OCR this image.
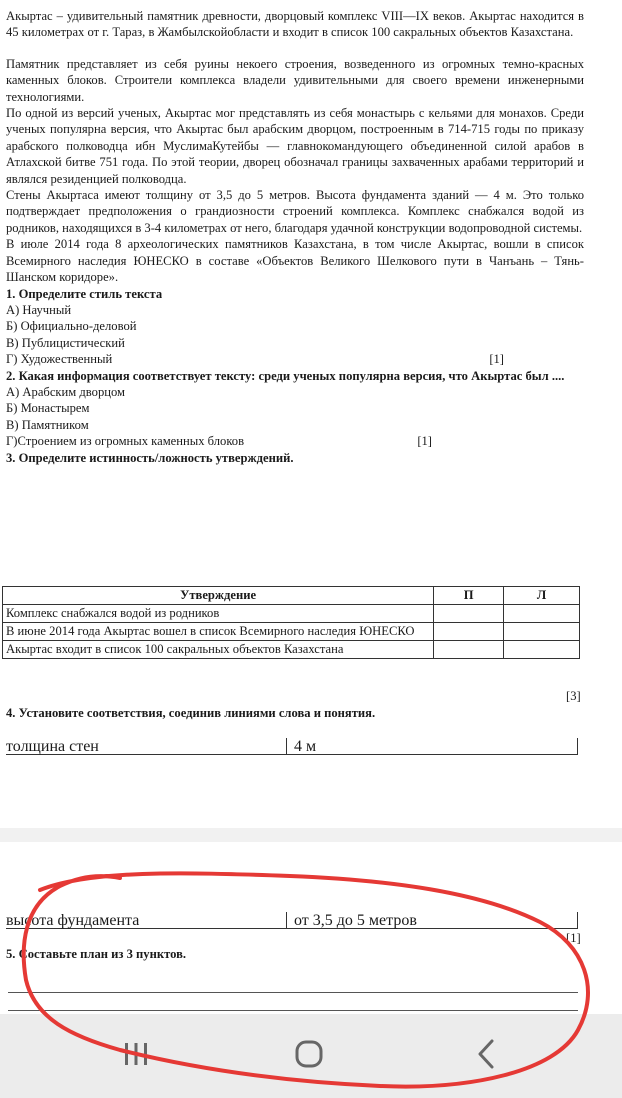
Акыртас – удивительный памятник древности, дворцовый комплекс VIII—IX веков. Акыртас находится в 45 километрах от г. Тараз, в Жамбылскойобласти и входит в список 100 сакральных объектов Казахстана.

Памятник представляет из себя руины некоего строения, возведенного из огромных темно-красных каменных блоков. Строители комплекса владели удивительными для своего времени инженерными технологиями.

По одной из версий ученых, Акыртас мог представлять из себя монастырь с кельями для монахов. Среди ученых популярна версия, что Акыртас был арабским дворцом, построенным в 714-715 годы по приказу арабского полководца ибн МуслимаКутейбы — главнокомандующего объединенной силой арабов в Атлахской битве 751 года. По этой теории, дворец обозначал границы захваченных арабами территорий и являлся резиденцией полководца.

Стены Акыртаса имеют толщину от 3,5 до 5 метров. Высота фундамента зданий — 4 м. Это только подтверждает предположения о грандиозности строений комплекса. Комплекс снабжался водой из родников, находящихся в 3-4 километрах от него, благодаря удачной конструкции водопроводной системы.

В июле 2014 года 8 археологических памятников Казахстана, в том числе Акыртас, вошли в список Всемирного наследия ЮНЕСКО в составе «Объектов Великого Шелкового пути в Чанъань – Тянь-Шанском коридоре».

1. Определите стиль текста

А) Научный

Б) Официально-деловой

В) Публицистический

Г) Художественный	[1]

2. Какая информация соответствует тексту: среди ученых популярна версия, что Акыртас был ....

А) Арабским дворцом

Б) Монастырем

В) Памятником

Г)Строением из огромных каменных блоков	[1]

3. Определите истинность/ложность утверждений.

Утверждение	П	Л
Комплекс снабжался водой из родников		
В июне 2014 года Акыртас вошел в список Всемирного наследия ЮНЕСКО		
Акыртас входит в список 100 сакральных объектов Казахстана		
[3]
4. Установите соответствия, соединив линиями слова и понятия.
толщина стен	4 м
высота фундамента	от 3,5 до 5 метров
[1]
5. Составьте план из 3 пунктов.
